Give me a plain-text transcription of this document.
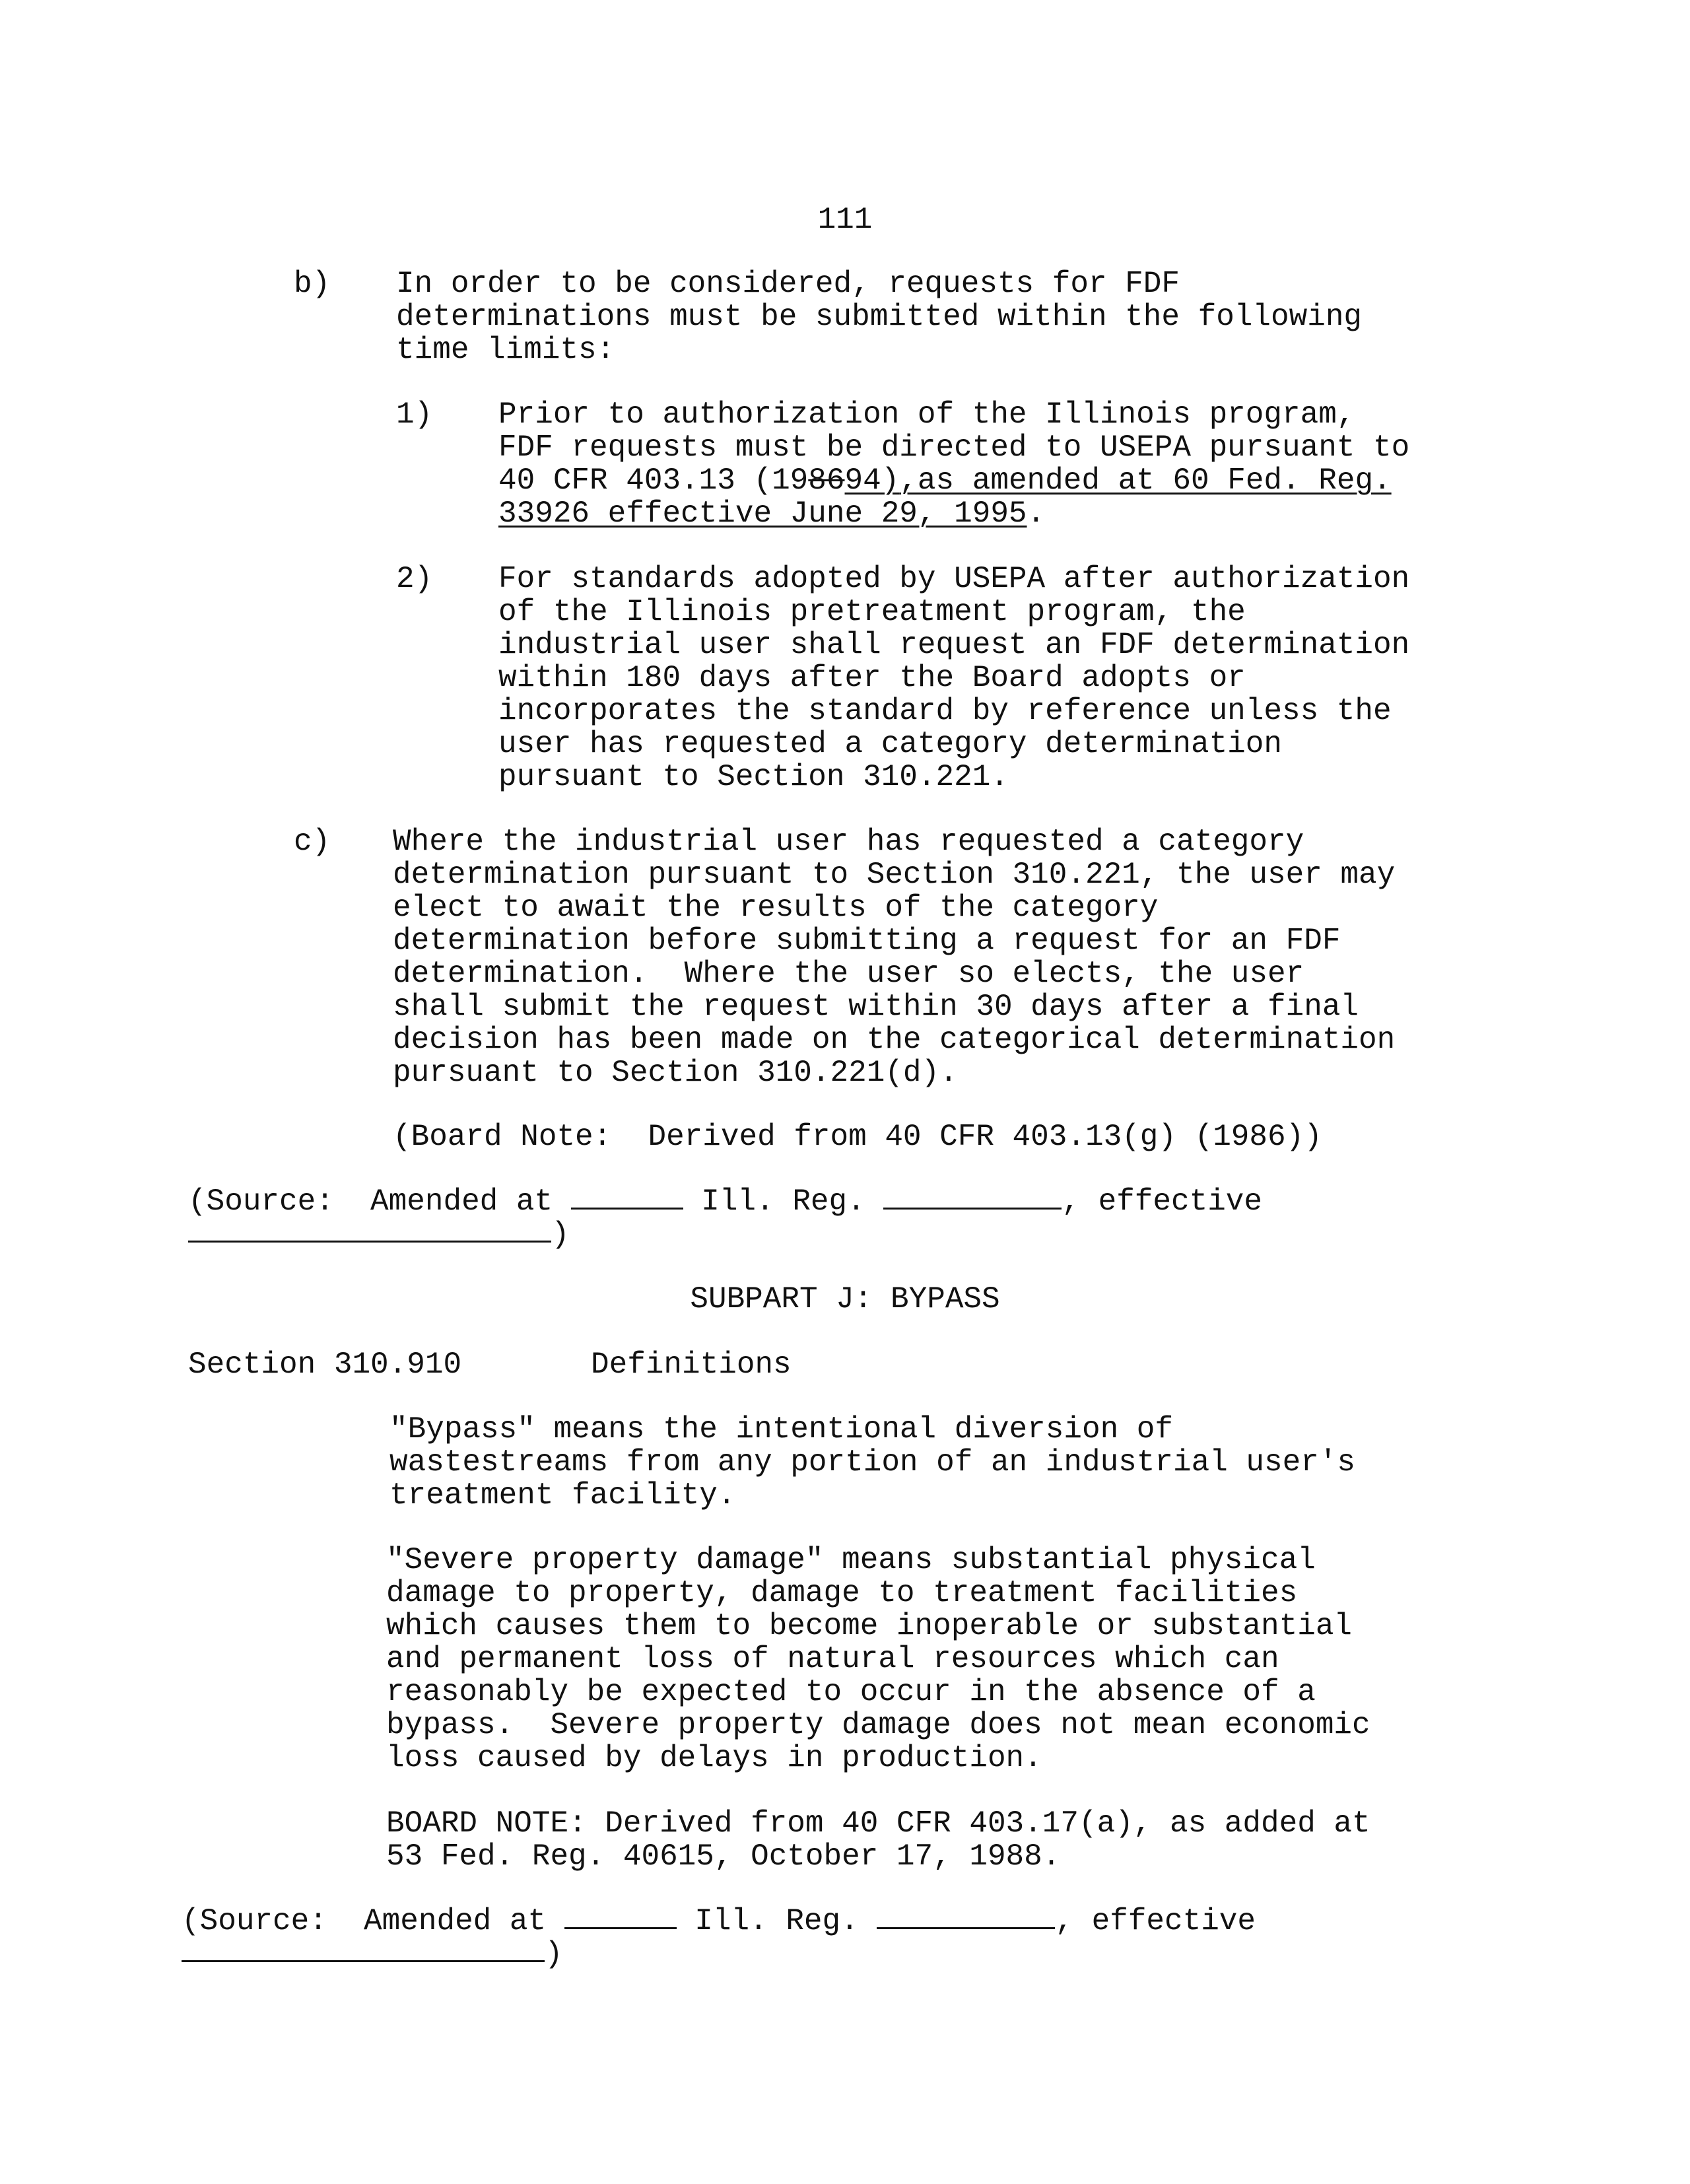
111
b) In order to be considered, requests for FDF
determinations must be submitted within the following
time limits:
1) Prior to authorization of the Illinois program,
FDF requests must be directed to USEPA pursuant to
40 CFR 403.13 (198694),as amended at 60 Fed. Reg.
33926 effective June 29, 1995.
2) For standards adopted by USEPA after authorization
of the Illinois pretreatment program, the
industrial user shall request an FDF determination
within 180 days after the Board adopts or
incorporates the standard by reference unless the
user has requested a category determination
pursuant to Section 310.221.
c) Where the industrial user has requested a category
determination pursuant to Section 310.221, the user may
elect to await the results of the category
determination before submitting a request for an FDF
determination.  Where the user so elects, the user
shall submit the request within 30 days after a final
decision has been made on the categorical determination
pursuant to Section 310.221(d).
(Board Note:  Derived from 40 CFR 403.13(g) (1986))
(Source:  Amended at	Ill. Reg.	, effective
)
SUBPART J: BYPASS
Section 310.910	Definitions
"Bypass" means the intentional diversion of
wastestreams from any portion of an industrial user's
treatment facility.
"Severe property damage" means substantial physical
damage to property, damage to treatment facilities
which causes them to become inoperable or substantial
and permanent loss of natural resources which can
reasonably be expected to occur in the absence of a
bypass.  Severe property damage does not mean economic
loss caused by delays in production.
BOARD NOTE: Derived from 40 CFR 403.17(a), as added at
53 Fed. Reg. 40615, October 17, 1988.
(Source:  Amended at	Ill. Reg.	, effective
)
